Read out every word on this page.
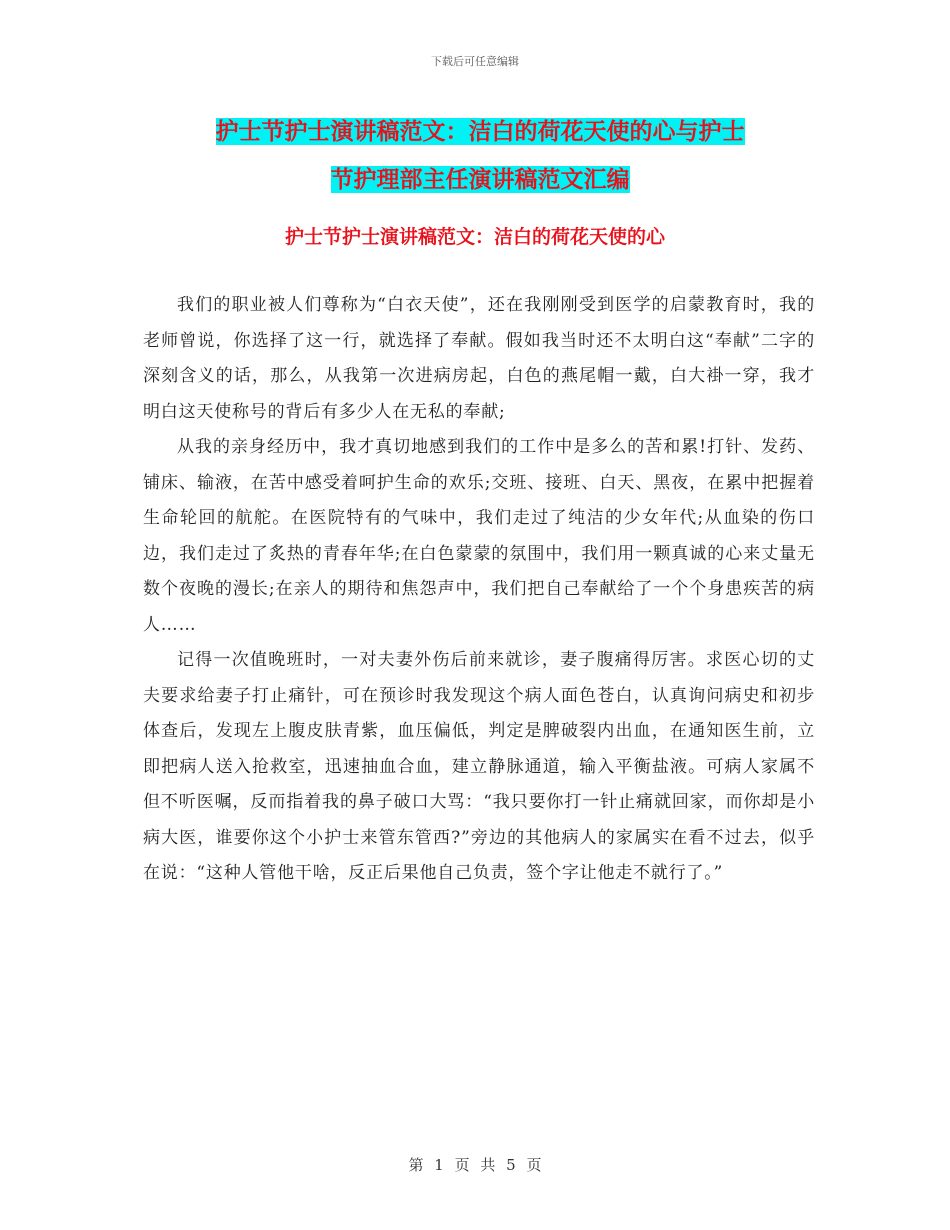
下载后可任意编辑
护士节护士演讲稿范文：洁白的荷花天使的心与护士
节护理部主任演讲稿范文汇编
护士节护士演讲稿范文：洁白的荷花天使的心

我们的职业被人们尊称为“白衣天使”，还在我刚刚受到医学的启蒙教育时，我的老师曾说，你选择了这一行，就选择了奉献。假如我当时还不太明白这“奉献”二字的深刻含义的话，那么，从我第一次进病房起，白色的燕尾帽一戴，白大褂一穿，我才明白这天使称号的背后有多少人在无私的奉献;

从我的亲身经历中，我才真切地感到我们的工作中是多么的苦和累!打针、发药、铺床、输液，在苦中感受着呵护生命的欢乐;交班、接班、白天、黑夜，在累中把握着生命轮回的航舵。在医院特有的气味中，我们走过了纯洁的少女年代;从血染的伤口边，我们走过了炙热的青春年华;在白色蒙蒙的氛围中，我们用一颗真诚的心来丈量无数个夜晚的漫长;在亲人的期待和焦怨声中，我们把自己奉献给了一个个身患疾苦的病人……

记得一次值晚班时，一对夫妻外伤后前来就诊，妻子腹痛得厉害。求医心切的丈夫要求给妻子打止痛针，可在预诊时我发现这个病人面色苍白，认真询问病史和初步体查后，发现左上腹皮肤青紫，血压偏低，判定是脾破裂内出血，在通知医生前，立即把病人送入抢救室，迅速抽血合血，建立静脉通道，输入平衡盐液。可病人家属不但不听医嘱，反而指着我的鼻子破口大骂：“我只要你打一针止痛就回家，而你却是小病大医，谁要你这个小护士来管东管西?”旁边的其他病人的家属实在看不过去，似乎在说：“这种人管他干啥，反正后果他自己负责，签个字让他走不就行了。”

第 1 页 共 5 页
